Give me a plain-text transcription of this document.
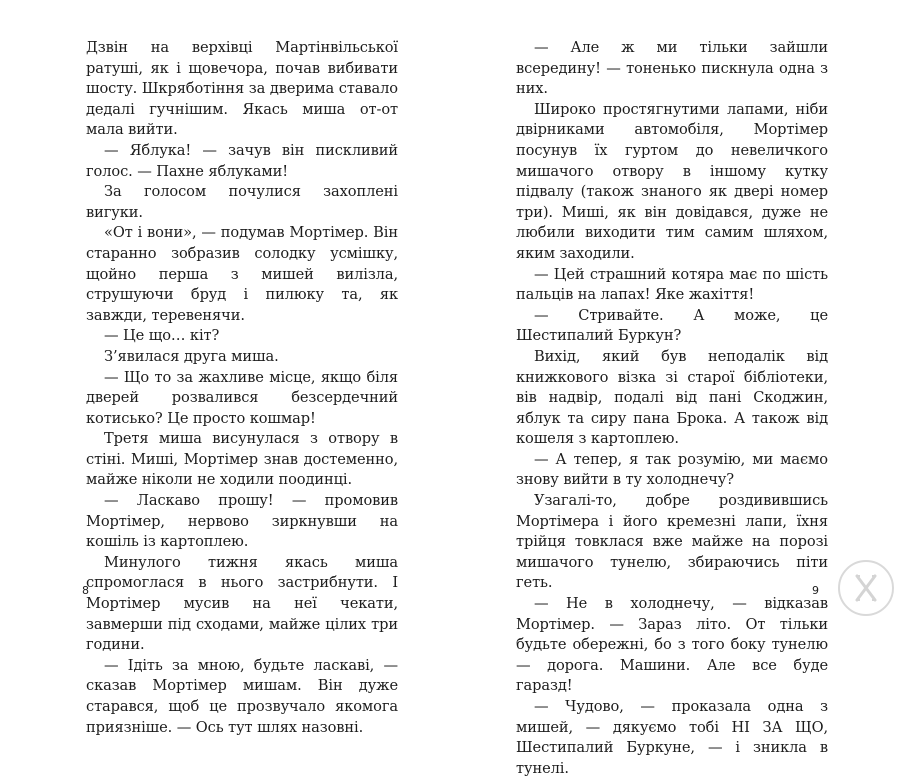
Дзвін на верхівці Мартінвільської ратуші, як і щовечора, почав вибивати шосту. Шкряботіння за дверима ставало дедалі гучнішим. Якась миша от-от мала вийти.

— Яблука! — зачув він пискливий голос. — Пахне яблуками!

За голосом почулися захоплені вигуки.

«От і вони», — подумав Мортімер. Він старанно зобразив солодку усмішку, щойно перша з мишей вилізла, струшуючи бруд і пилюку та, як завжди, теревенячи.

— Це що… кіт?

З’явилася друга миша.

— Що то за жахливе місце, якщо біля дверей розвалився безсердечний котисько? Це просто кошмар!

Третя миша висунулася з отвору в стіні. Миші, Мортімер знав достеменно, майже ніколи не ходили поодинці.

— Ласкаво прошу! — промовив Мортімер, нервово зиркнувши на кошіль із картоплею.

Минулого тижня якась миша спромоглася в нього застрибнути. І Мортімер мусив на неї чекати, завмерши під сходами, майже цілих три години.

— Ідіть за мною, будьте ласкаві, — сказав Мортімер мишам. Він дуже старався, щоб це прозвучало якомога приязніше. — Ось тут шлях назовні.

8

— Але ж ми тільки зайшли всередину! — тоненько пискнула одна з них.

Широко простягнутими лапами, ніби двірниками автомобіля, Мортімер посунув їх гуртом до невеличкого мишачого отвору в іншому кутку підвалу (також знаного як двері номер три). Миші, як він довідався, дуже не любили виходити тим самим шляхом, яким заходили.

— Цей страшний котяра має по шість пальців на лапах! Яке жахіття!

— Стривайте. А може, це Шестипалий Буркун?

Вихід, який був неподалік від книжкового візка зі старої бібліотеки, вів надвір, подалі від пані Скоджин, яблук та сиру пана Брока. А також від кошеля з картоплею.

— А тепер, я так розумію, ми маємо знову вийти в ту холоднечу?

Узагалі-то, добре роздивившись Мортімера і його кремезні лапи, їхня трійця товклася вже майже на порозі мишачого тунелю, збираючись піти геть.

— Не в холоднечу, — відказав Мортімер. — Зараз літо. От тільки будьте обережні, бо з того боку тунелю — дорога. Машини. Але все буде гаразд!

— Чудово, — проказала одна з мишей, — дякуємо тобі НІ ЗА ЩО, Шестипалий Буркуне, — і зникла в тунелі.

9
